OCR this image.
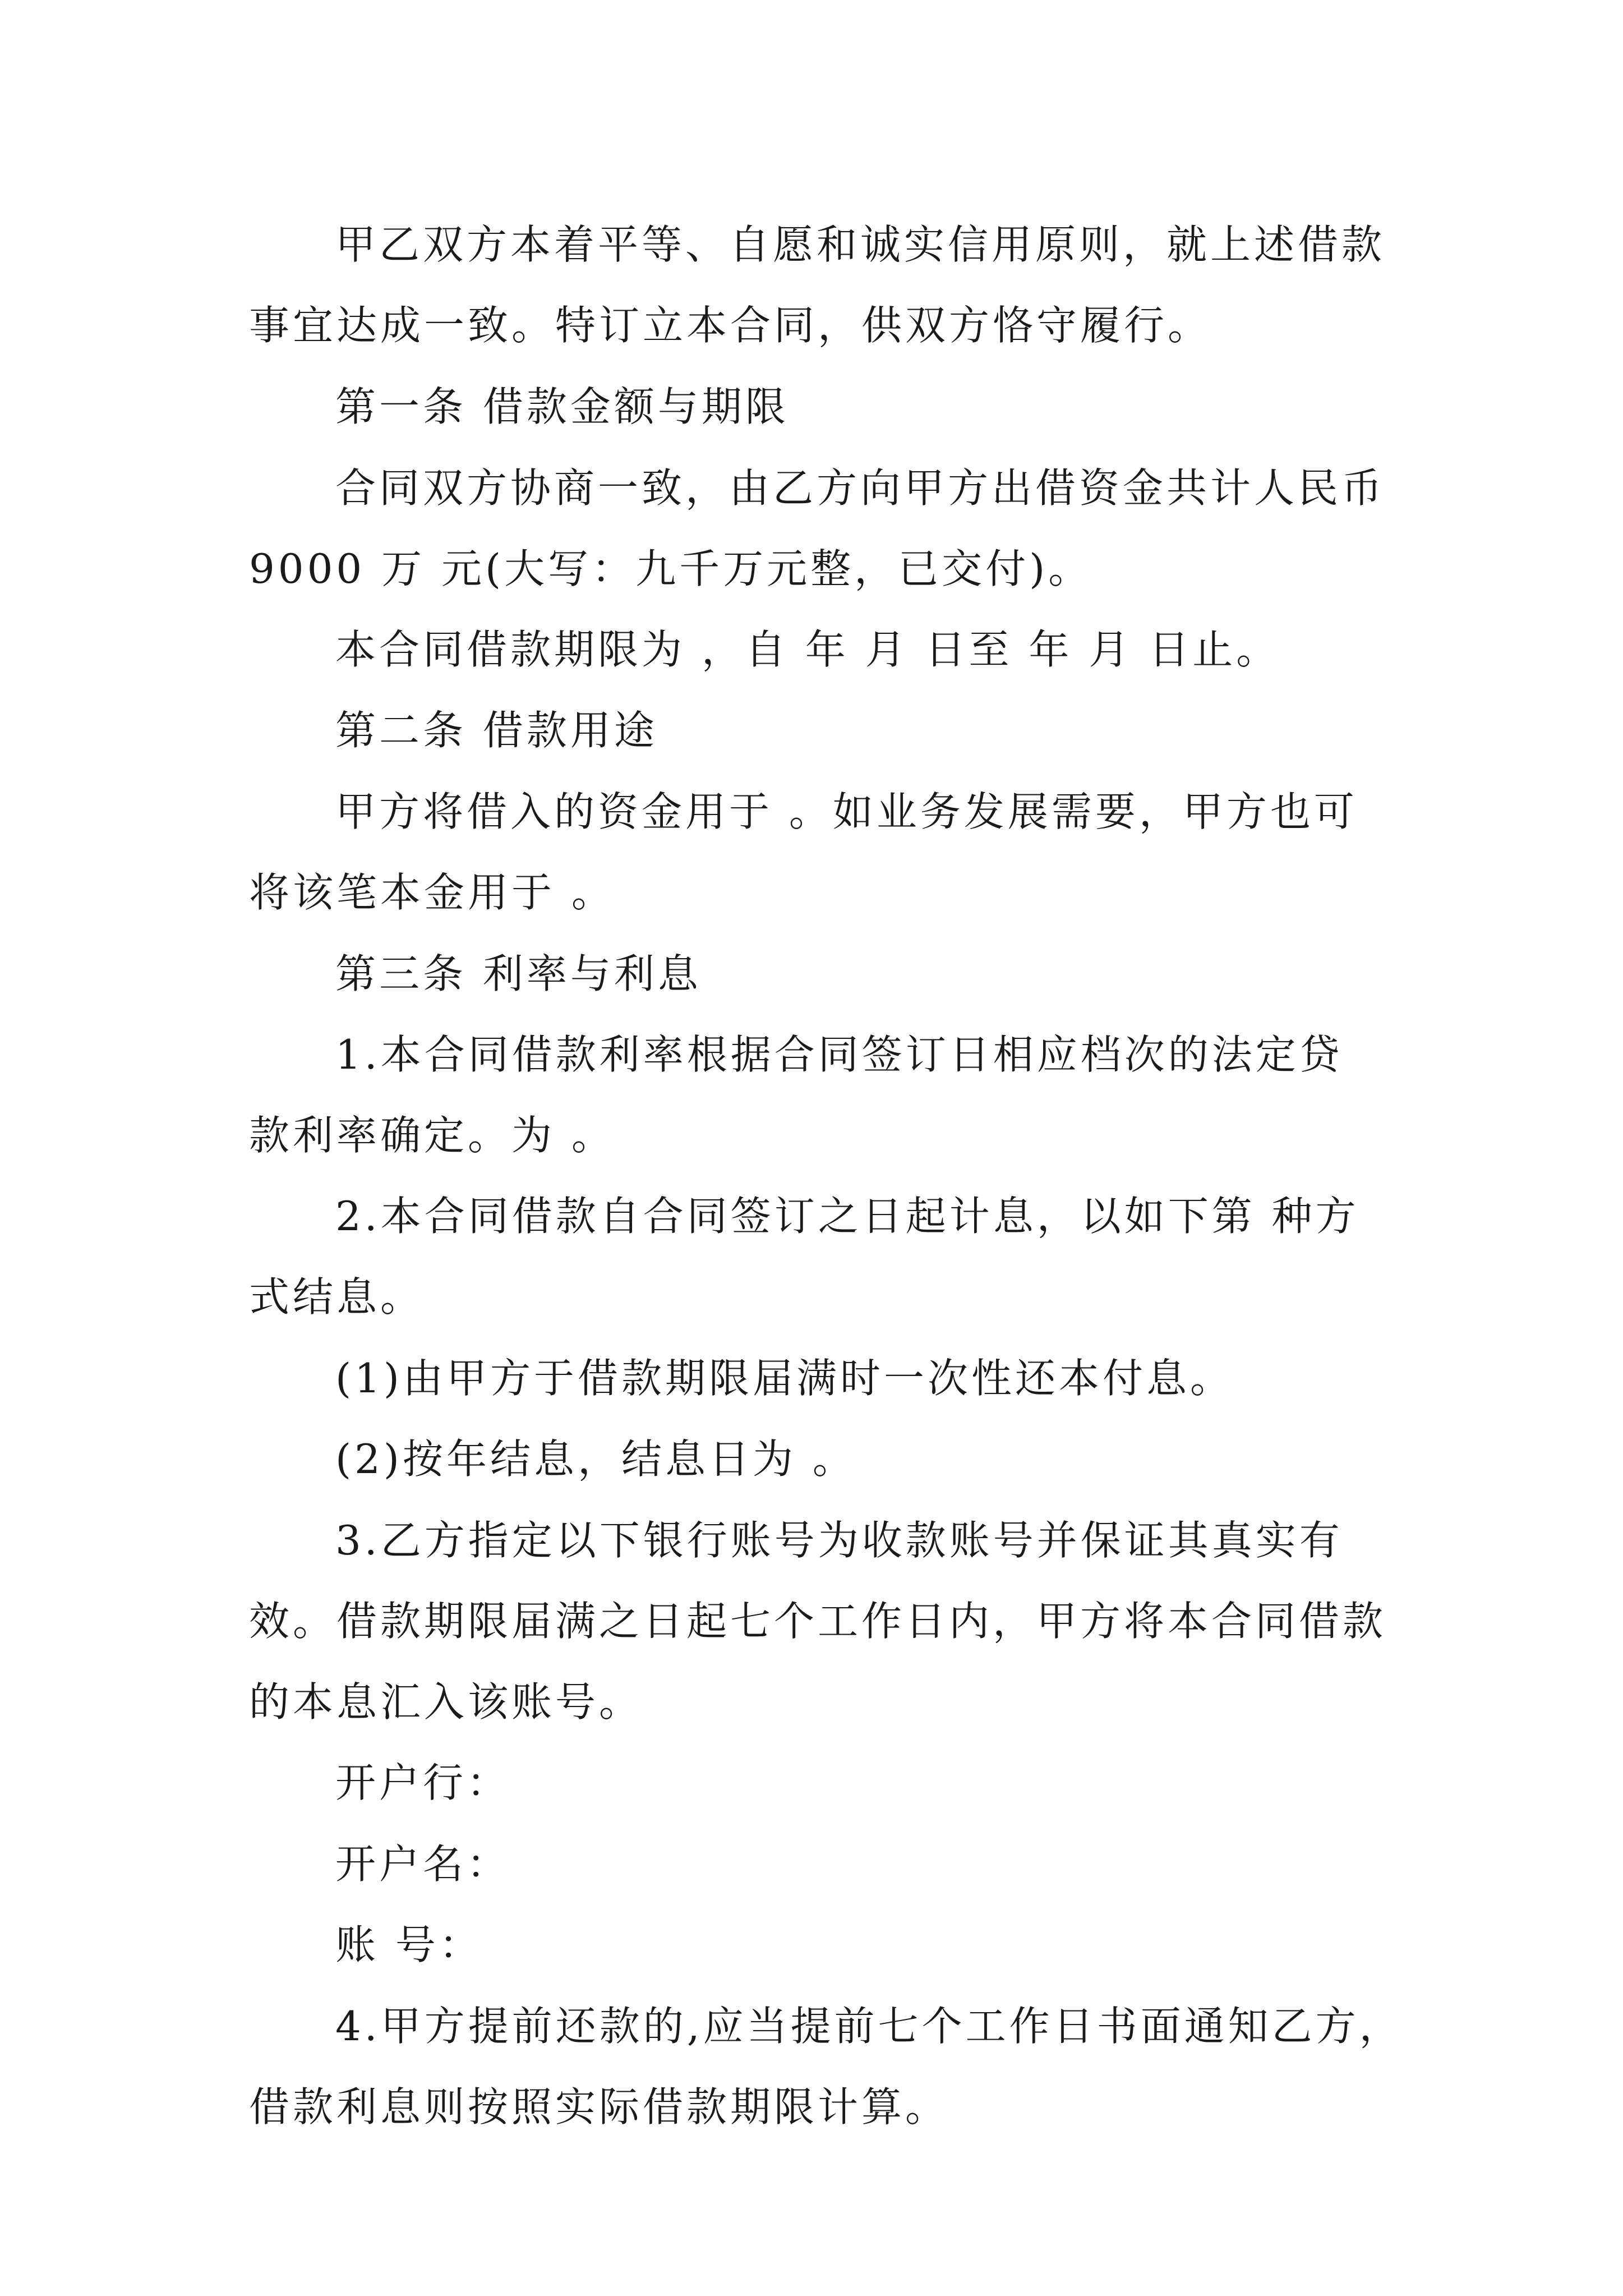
甲乙双方本着平等、自愿和诚实信用原则，就上述借款
事宜达成一致。特订立本合同，供双方恪守履行。
第一条 借款金额与期限
合同双方协商一致，由乙方向甲方出借资金共计人民币
9000 万 元(大写：九千万元整，已交付)。
本合同借款期限为 ，自 年 月 日至 年 月 日止。
第二条 借款用途
甲方将借入的资金用于 。如业务发展需要，甲方也可
将该笔本金用于 。
第三条 利率与利息
1.本合同借款利率根据合同签订日相应档次的法定贷
款利率确定。为 。
2.本合同借款自合同签订之日起计息，以如下第 种方
式结息。
(1)由甲方于借款期限届满时一次性还本付息。
(2)按年结息，结息日为 。
3.乙方指定以下银行账号为收款账号并保证其真实有
效。借款期限届满之日起七个工作日内，甲方将本合同借款
的本息汇入该账号。
开户行：
开户名：
账 号：
4.甲方提前还款的,应当提前七个工作日书面通知乙方，
借款利息则按照实际借款期限计算。
